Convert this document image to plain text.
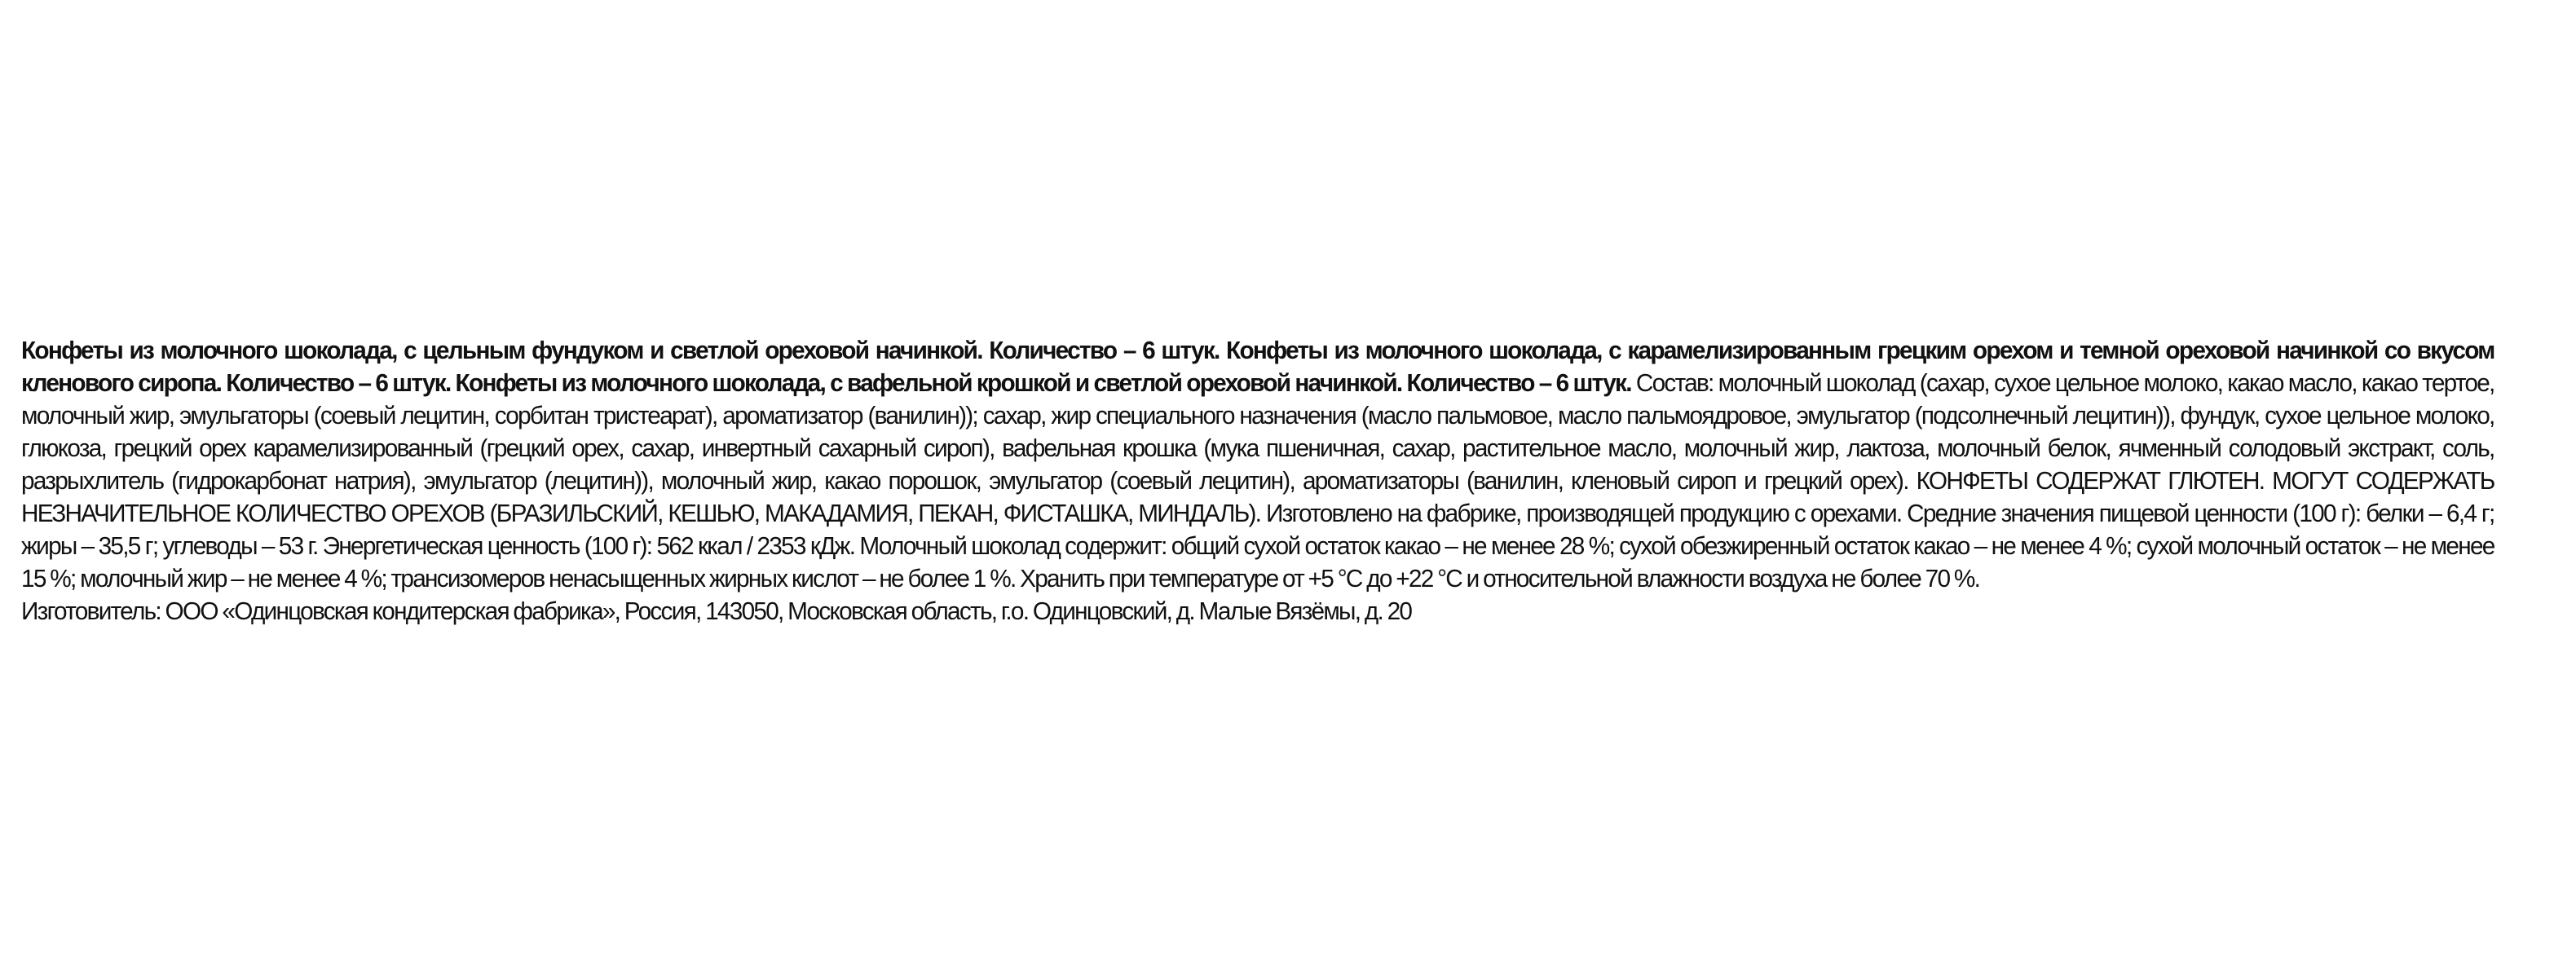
Конфеты из молочного шоколада, с цельным фундуком и светлой ореховой начинкой. Количество – 6 штук. Конфеты из молочного шоколада, с карамелизированным грецким орехом и темной ореховой начинкой со вкусом кленового сиропа. Количество – 6 штук. Конфеты из молочного шоколада, с вафельной крошкой и светлой ореховой начинкой. Количество – 6 штук. Состав: молочный шоколад (сахар, сухое цельное молоко, какао масло, какао тертое, молочный жир, эмульгаторы (соевый лецитин, сорбитан тристеарат), ароматизатор (ванилин)); сахар, жир специального назначения (масло пальмовое, масло пальмоядровое, эмульгатор (подсолнечный лецитин)), фундук, сухое цельное молоко, глюкоза, грецкий орех карамелизированный (грецкий орех, сахар, инвертный сахарный сироп), вафельная крошка (мука пшеничная, сахар, растительное масло, молочный жир, лактоза, молочный белок, ячменный солодовый экстракт, соль, разрыхлитель (гидрокарбонат натрия), эмульгатор (лецитин)), молочный жир, какао порошок, эмульгатор (соевый лецитин), ароматизаторы (ванилин, кленовый сироп и грецкий орех). КОНФЕТЫ СОДЕРЖАТ ГЛЮТЕН. МОГУТ СОДЕРЖАТЬ НЕЗНАЧИТЕЛЬНОЕ КОЛИЧЕСТВО ОРЕХОВ (БРАЗИЛЬСКИЙ, КЕШЬЮ, МАКАДАМИЯ, ПЕКАН, ФИСТАШКА, МИНДАЛЬ). Изготовлено на фабрике, производящей продукцию с орехами. Средние значения пищевой ценности (100 г): белки – 6,4 г; жиры – 35,5 г; углеводы – 53 г. Энергетическая ценность (100 г): 562 ккал / 2353 кДж. Молочный шоколад содержит: общий сухой остаток какао – не менее 28 %; сухой обезжиренный остаток какао – не менее 4 %; сухой молочный остаток – не менее 15 %; молочный жир – не менее 4 %; трансизомеров ненасыщенных жирных кислот – не более 1 %. Хранить при температуре от +5 °С до +22 °С и относительной влажности воздуха не более 70 %.
Изготовитель: ООО «Одинцовская кондитерская фабрика», Россия, 143050, Московская область, г.о. Одинцовский, д. Малые Вязёмы, д. 20
